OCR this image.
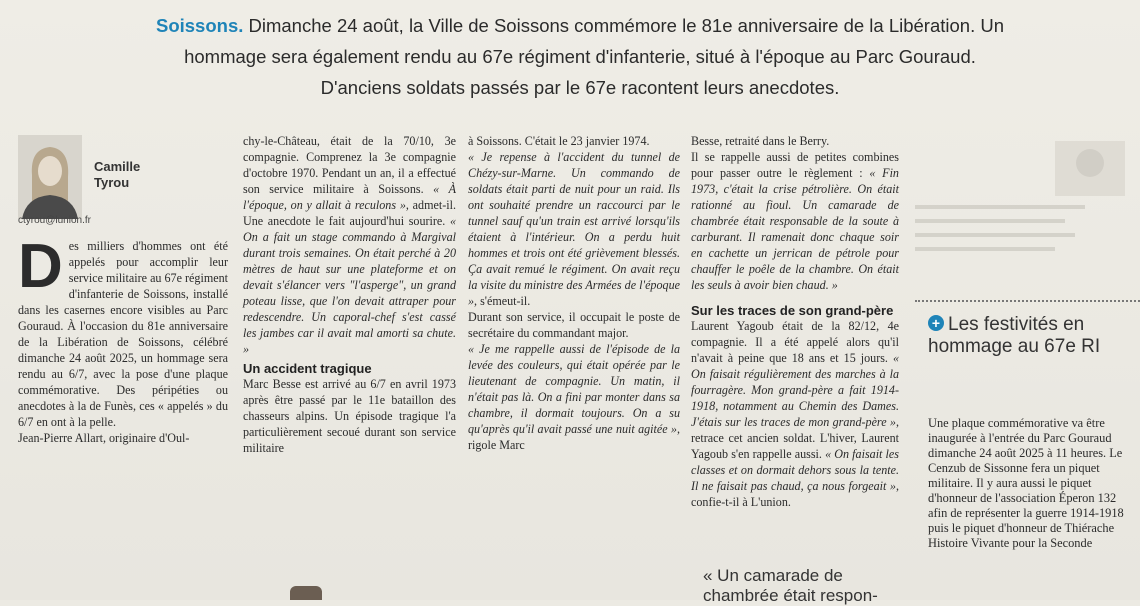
Soissons. Dimanche 24 août, la Ville de Soissons commémore le 81e anniversaire de la Libération. Un hommage sera également rendu au 67e régiment d'infanterie, situé à l'époque au Parc Gouraud. D'anciens soldats passés par le 67e racontent leurs anecdotes.
Camille
Tyrou
ctyrou@lunion.fr

Des milliers d'hommes ont été appelés pour accomplir leur service militaire au 67e régiment d'infanterie de Soissons, installé dans les casernes encore visibles au Parc Gouraud. À l'occasion du 81e anniversaire de la Libération de Soissons, célébré dimanche 24 août 2025, un hommage sera rendu au 6/7, avec la pose d'une plaque commémorative. Des péripéties ou anecdotes à la de Funès, ces « appelés » du 6/7 en ont à la pelle.

Jean-Pierre Allart, originaire d'Oul-

chy-le-Château, était de la 70/10, 3e compagnie. Comprenez la 3e compagnie d'octobre 1970. Pendant un an, il a effectué son service militaire à Soissons. « À l'époque, on y allait à reculons », admet-il. Une anecdote le fait aujourd'hui sourire. « On a fait un stage commando à Margival durant trois semaines. On était perché à 20 mètres de haut sur une plateforme et on devait s'élancer vers "l'asperge", un grand poteau lisse, que l'on devait attraper pour redescendre. Un caporal-chef s'est cassé les jambes car il avait mal amorti sa chute. »

Un accident tragique

Marc Besse est arrivé au 6/7 en avril 1973 après être passé par le 11e bataillon des chasseurs alpins. Un épisode tragique l'a particulièrement secoué durant son service militaire

à Soissons. C'était le 23 janvier 1974.

« Je repense à l'accident du tunnel de Chézy-sur-Marne. Un commando de soldats était parti de nuit pour un raid. Ils ont souhaité prendre un raccourci par le tunnel sauf qu'un train est arrivé lorsqu'ils étaient à l'intérieur. On a perdu huit hommes et trois ont été grièvement blessés. Ça avait remué le régiment. On avait reçu la visite du ministre des Armées de l'époque », s'émeut-il.

Durant son service, il occupait le poste de secrétaire du commandant major.

« Je me rappelle aussi de l'épisode de la levée des couleurs, qui était opérée par le lieutenant de compagnie. Un matin, il n'était pas là. On a fini par monter dans sa chambre, il dormait toujours. On a su qu'après qu'il avait passé une nuit agitée », rigole Marc

Besse, retraité dans le Berry.

Il se rappelle aussi de petites combines pour passer outre le règlement : « Fin 1973, c'était la crise pétrolière. On était rationné au fioul. Un camarade de chambrée était responsable de la soute à carburant. Il ramenait donc chaque soir en cachette un jerrican de pétrole pour chauffer le poêle de la chambre. On était les seuls à avoir bien chaud. »

Sur les traces de son grand-père

Laurent Yagoub était de la 82/12, 4e compagnie. Il a été appelé alors qu'il n'avait à peine que 18 ans et 15 jours. « On faisait régulièrement des marches à la fourragère. Mon grand-père a fait 1914-1918, notamment au Chemin des Dames. J'étais sur les traces de mon grand-père », retrace cet ancien soldat. L'hiver, Laurent Yagoub s'en rappelle aussi. « On faisait les classes et on dormait dehors sous la tente. Il ne faisait pas chaud, ça nous forgeait », confie-t-il à L'union.

« Un camarade de chambrée était respon-
+ Les festivités en hommage au 67e RI
Une plaque commémorative va être inaugurée à l'entrée du Parc Gouraud dimanche 24 août 2025 à 11 heures. Le Cenzub de Sissonne fera un piquet militaire. Il y aura aussi le piquet d'honneur de l'association Éperon 132 afin de représenter la guerre 1914-1918 puis le piquet d'honneur de Thiérache Histoire Vivante pour la Seconde
